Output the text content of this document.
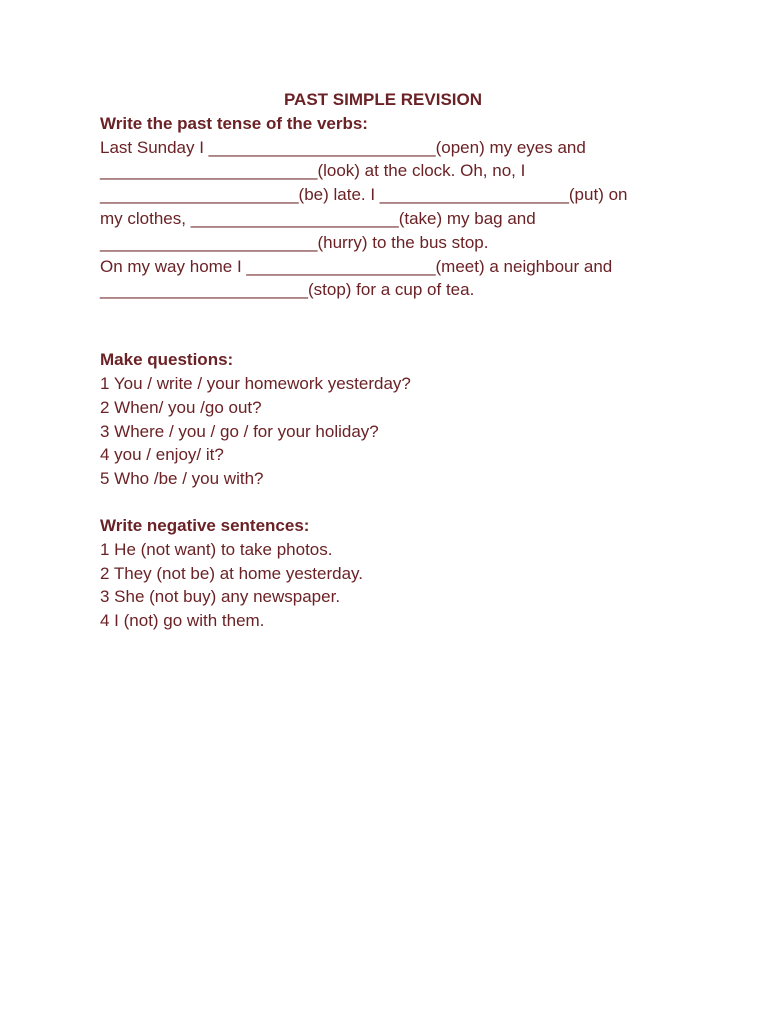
PAST SIMPLE REVISION

Write the past tense of the verbs:

Last Sunday I ________________________(open) my eyes and

_______________________(look) at the clock. Oh, no, I

_____________________(be) late. I ____________________(put) on

my clothes, ______________________(take) my bag and

_______________________(hurry) to the bus stop.

On my way home I ____________________(meet) a neighbour and

______________________(stop) for a cup of tea.

Make questions:

1 You / write / your homework yesterday?

2 When/ you /go out?

3 Where / you / go / for your holiday?

4 you / enjoy/ it?

5 Who /be / you with?

Write negative sentences:

1 He (not want) to take photos.

2 They (not be) at home yesterday.

3 She (not buy) any newspaper.

4 I (not) go with them.
